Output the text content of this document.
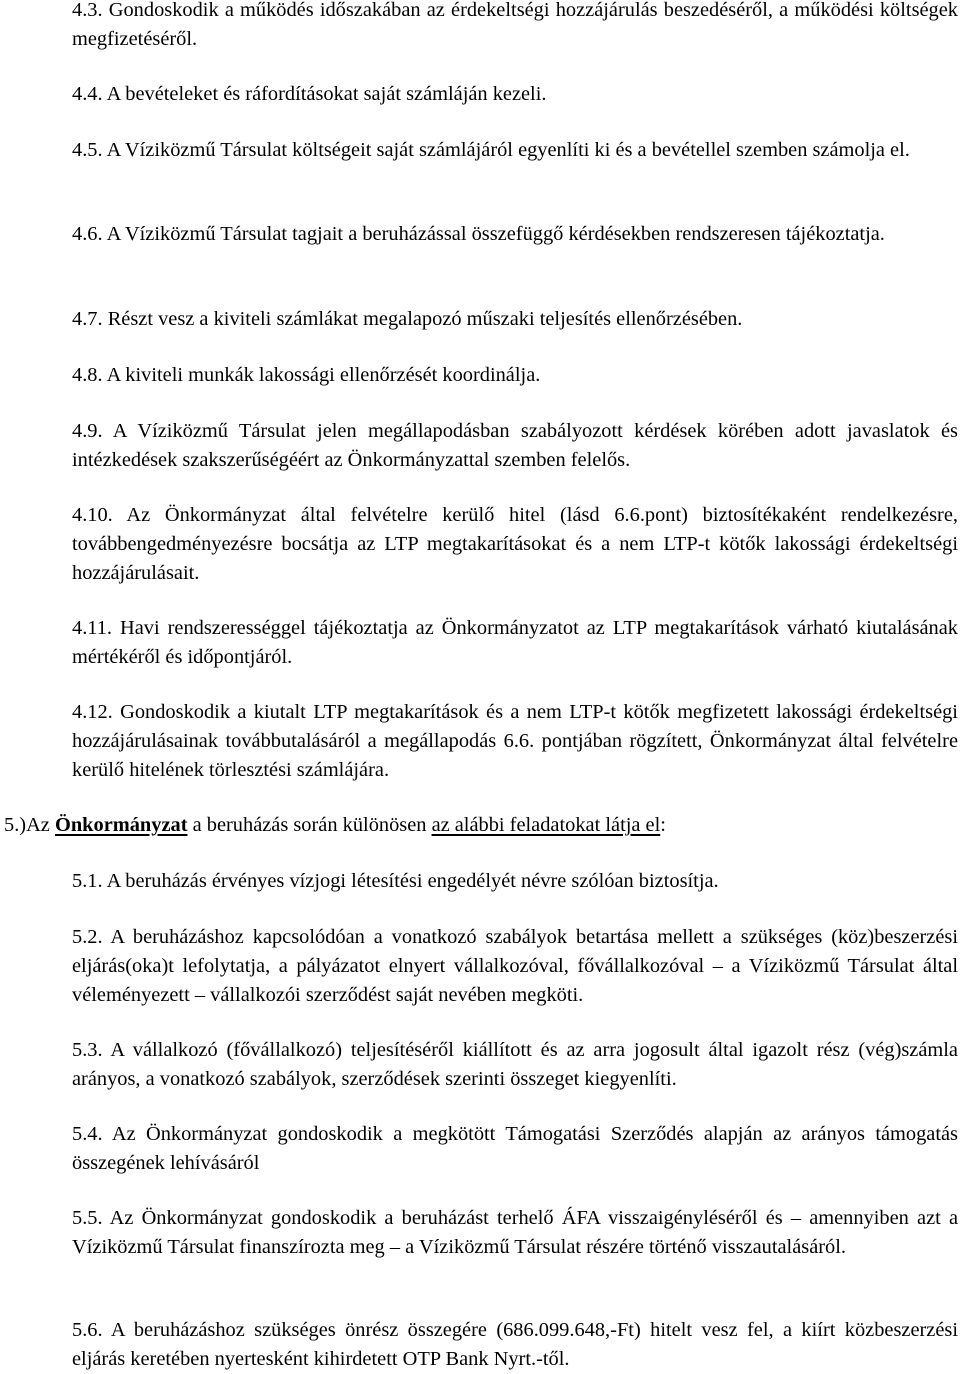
4.3. Gondoskodik a működés időszakában az érdekeltségi hozzájárulás beszedéséről, a működési költségek megfizetéséről.

4.4. A bevételeket és ráfordításokat saját számláján kezeli.

4.5. A Víziközmű Társulat költségeit saját számlájáról egyenlíti ki és a bevétellel szemben számolja el.

4.6. A Víziközmű Társulat tagjait a beruházással összefüggő kérdésekben rendszeresen tájékoztatja.

4.7. Részt vesz a kiviteli számlákat megalapozó műszaki teljesítés ellenőrzésében.

4.8. A kiviteli munkák lakossági ellenőrzését koordinálja.

4.9. A Víziközmű Társulat jelen megállapodásban szabályozott kérdések körében adott javaslatok és intézkedések szakszerűségéért az Önkormányzattal szemben felelős.

4.10. Az Önkormányzat által felvételre kerülő hitel (lásd 6.6.pont) biztosítékaként rendelkezésre, továbbengedményezésre bocsátja az LTP megtakarításokat és a nem LTP-t kötők lakossági érdekeltségi hozzájárulásait.

4.11. Havi rendszerességgel tájékoztatja az Önkormányzatot az LTP megtakarítások várható kiutalásának mértékéről és időpontjáról.

4.12. Gondoskodik a kiutalt LTP megtakarítások és a nem LTP-t kötők megfizetett lakossági érdekeltségi hozzájárulásainak továbbutalásáról a megállapodás 6.6. pontjában rögzített, Önkormányzat által felvételre kerülő hitelének törlesztési számlájára.

5.)Az Önkormányzat a beruházás során különösen az alábbi feladatokat látja el:

5.1. A beruházás érvényes vízjogi létesítési engedélyét névre szólóan biztosítja.

5.2. A beruházáshoz kapcsolódóan a vonatkozó szabályok betartása mellett a szükséges (köz)beszerzési eljárás(oka)t lefolytatja, a pályázatot elnyert vállalkozóval, fővállalkozóval – a Víziközmű Társulat által véleményezett – vállalkozói szerződést saját nevében megköti.

5.3. A vállalkozó (fővállalkozó) teljesítéséről kiállított és az arra jogosult által igazolt rész (vég)számla arányos, a vonatkozó szabályok, szerződések szerinti összeget kiegyenlíti.

5.4. Az Önkormányzat gondoskodik a megkötött Támogatási Szerződés alapján az arányos támogatás összegének lehívásáról

5.5. Az Önkormányzat gondoskodik a beruházást terhelő ÁFA visszaigényléséről és – amennyiben azt a Víziközmű Társulat finanszírozta meg – a Víziközmű Társulat részére történő visszautalásáról.

5.6. A beruházáshoz szükséges önrész összegére (686.099.648,-Ft) hitelt vesz fel, a kiírt közbeszerzési eljárás keretében nyertesként kihirdetett OTP Bank Nyrt.-től.
